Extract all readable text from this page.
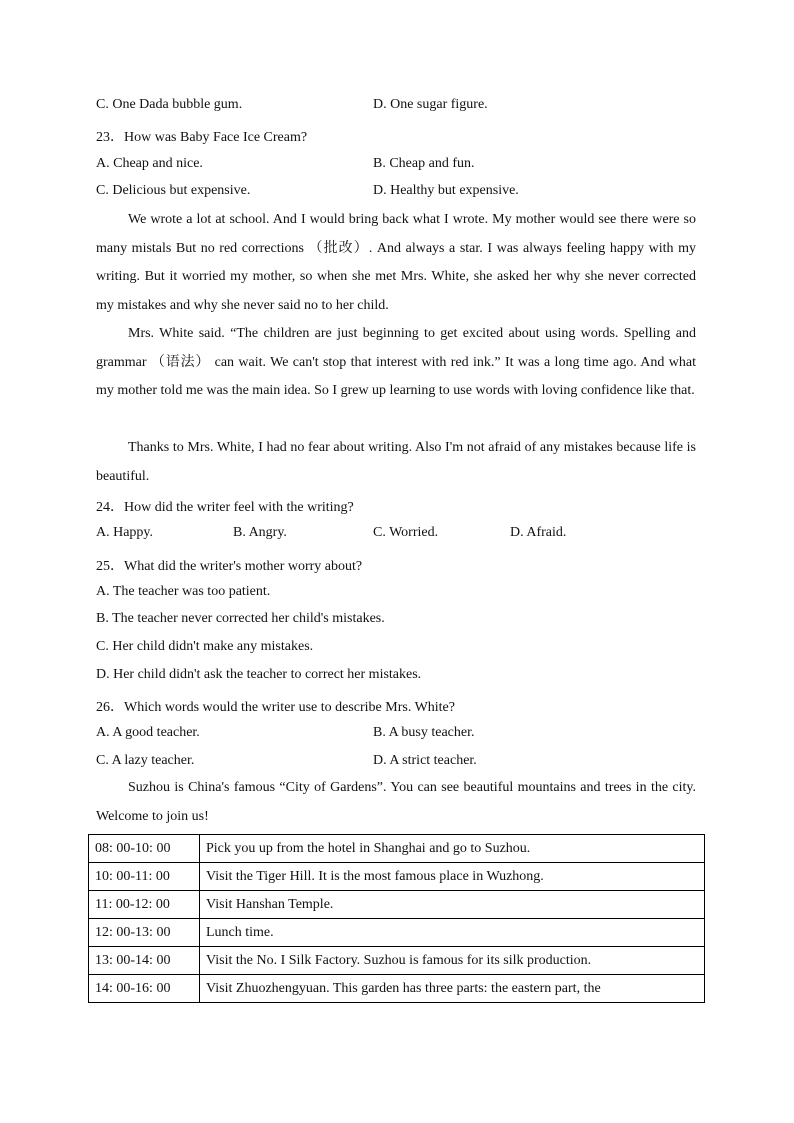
C. One Dada bubble gum.	D. One sugar figure.
23．How was Baby Face Ice Cream?
A. Cheap and nice.	B. Cheap and fun.
C. Delicious but expensive.	D. Healthy but expensive.

We wrote a lot at school. And I would bring back what I wrote. My mother would see there were so many mistals But no red corrections （批改）. And always a star. I was always feeling happy with my writing. But it worried my mother, so when she met Mrs. White, she asked her why she never corrected my mistakes and why she never said no to her child.

Mrs. White said. “The children are just beginning to get excited about using words. Spelling and grammar （语法） can wait. We can't stop that interest with red ink.” It was a long time ago. And what my mother told me was the main idea. So I grew up learning to use words with loving confidence like that.

Thanks to Mrs. White, I had no fear about writing. Also I'm not afraid of any mistakes because life is beautiful.

24．How did the writer feel with the writing?
A. Happy.	B. Angry.	C. Worried.	D. Afraid.
25．What did the writer's mother worry about?
A. The teacher was too patient.
B. The teacher never corrected her child's mistakes.
C. Her child didn't make any mistakes.
D. Her child didn't ask the teacher to correct her mistakes.
26．Which words would the writer use to describe Mrs. White?
A. A good teacher.	B. A busy teacher.
C. A lazy teacher.	D. A strict teacher.

Suzhou is China's famous “City of Gardens”. You can see beautiful mountains and trees in the city. Welcome to join us!

08: 00-10: 00	Pick you up from the hotel in Shanghai and go to Suzhou.
10: 00-11: 00	Visit the Tiger Hill. It is the most famous place in Wuzhong.
11: 00-12: 00	Visit Hanshan Temple.
12: 00-13: 00	Lunch time.
13: 00-14: 00	Visit the No. I Silk Factory. Suzhou is famous for its silk production.
14: 00-16: 00	Visit Zhuozhengyuan. This garden has three parts: the eastern part, the
